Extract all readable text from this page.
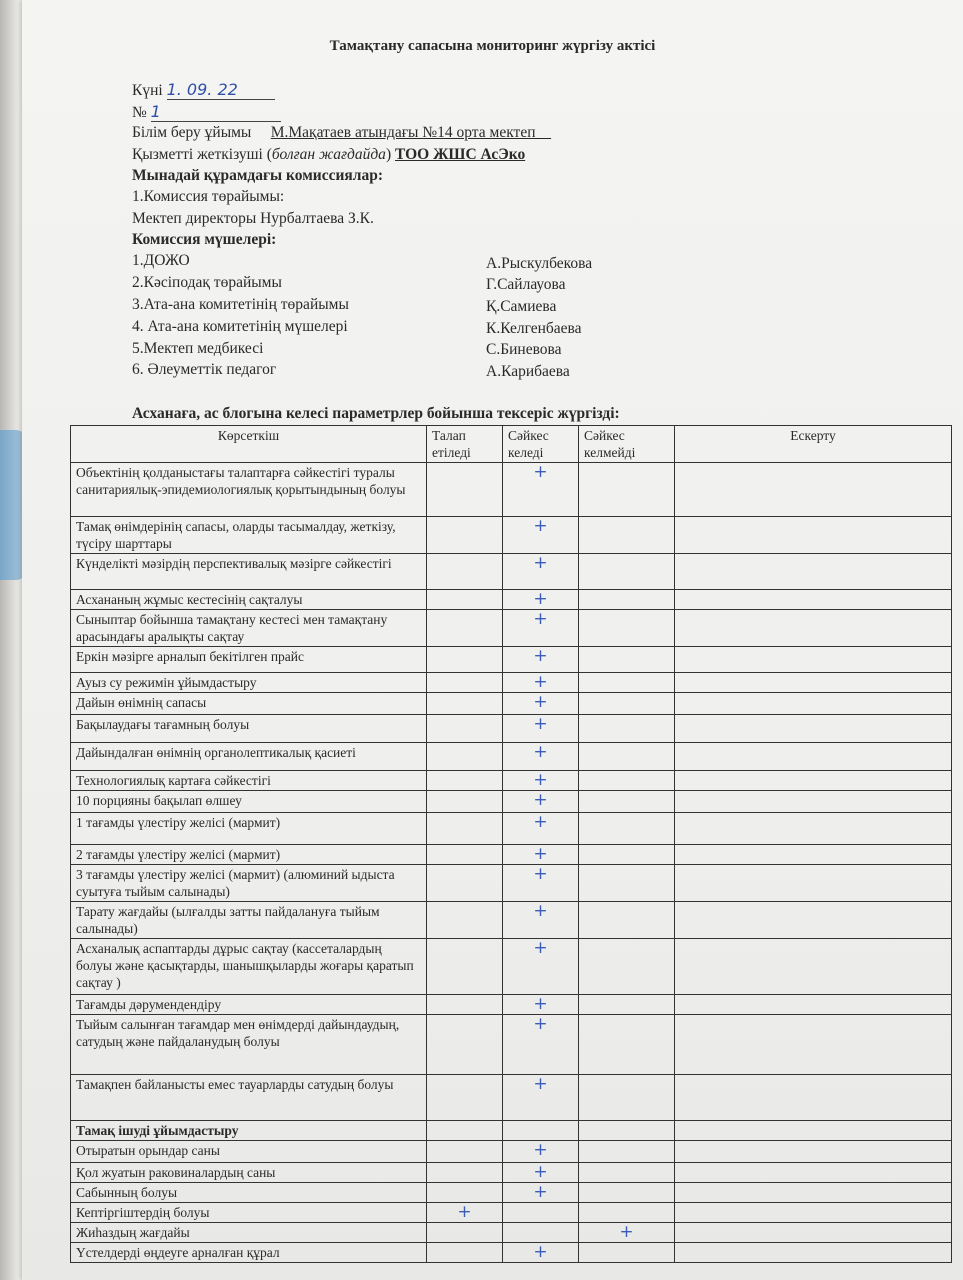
Тамақтану сапасына мониторинг жүргізу актісі
Күні 1. 09. 22
№ 1
Білім беру ұйымы М.Мақатаев атындағы №14 орта мектеп__
Қызметті жеткізуші (болған жағдайда) ТОО ЖШС АсЭко
Мынадай құрамдағы комиссиялар:
1.Комиссия төрайымы:
Мектеп директоры Нурбалтаева З.К.
Комиссия мүшелері:
1.ДОЖО	А.Рыскулбекова
2.Кәсіподақ төрайымы	Г.Сайлауова
3.Ата-ана комитетінің төрайымы	Қ.Самиева
4. Ата-ана комитетінің мүшелері	К.Келгенбаева
5.Мектеп медбикесі	С.Биневова
6. Әлеуметтік педагог	А.Карибаева
Асханаға, ас блогына келесі параметрлер бойынша тексеріс жүргізді:
Көрсеткіш	Талап етіледі	Сәйкес келеді	Сәйкес келмейді	Ескерту
Объектінің қолданыстағы талаптарға сәйкестігі туралы санитариялық-эпидемиологиялық қорытындының болуы		+		
Тамақ өнімдерінің сапасы, оларды тасымалдау, жеткізу, түсіру шарттары		+		
Күнделікті мәзірдің перспективалық мәзірге сәйкестігі		+		
Асхананың жұмыс кестесінің сақталуы		+		
Сыныптар бойынша тамақтану кестесі мен тамақтану арасындағы аралықты сақтау		+		
Еркін мәзірге арналып бекітілген прайс		+		
Ауыз су режимін ұйымдастыру		+		
Дайын өнімнің сапасы		+		
Бақылаудағы тағамның болуы		+		
Дайындалған өнімнің органолептикалық қасиеті		+		
Технологиялық картаға сәйкестігі		+		
10 порцияны бақылап өлшеу		+		
1 тағамды үлестіру желісі (мармит)		+		
2 тағамды үлестіру желісі (мармит)		+		
3 тағамды үлестіру желісі (мармит) (алюминий ыдыста суытуға тыйым салынады)		+		
Тарату жағдайы (ылғалды затты пайдалануға тыйым салынады)		+		
Асханалық аспаптарды дұрыс сақтау (кассеталардың болуы және қасықтарды, шанышқыларды жоғары қаратып сақтау )		+		
Тағамды дәрумендендіру		+		
Тыйым салынған тағамдар мен өнімдерді дайындаудың, сатудың және пайдаланудың болуы		+		
Тамақпен байланысты емес тауарларды сатудың болуы		+		
Тамақ ішуді ұйымдастыру				
Отыратын орындар саны		+		
Қол жуатын раковиналардың саны		+		
Сабынның болуы		+		
Кептіргіштердің болуы	+			
Жиһаздың жағдайы			+	
Үстелдерді өңдеуге арналған құрал		+		
